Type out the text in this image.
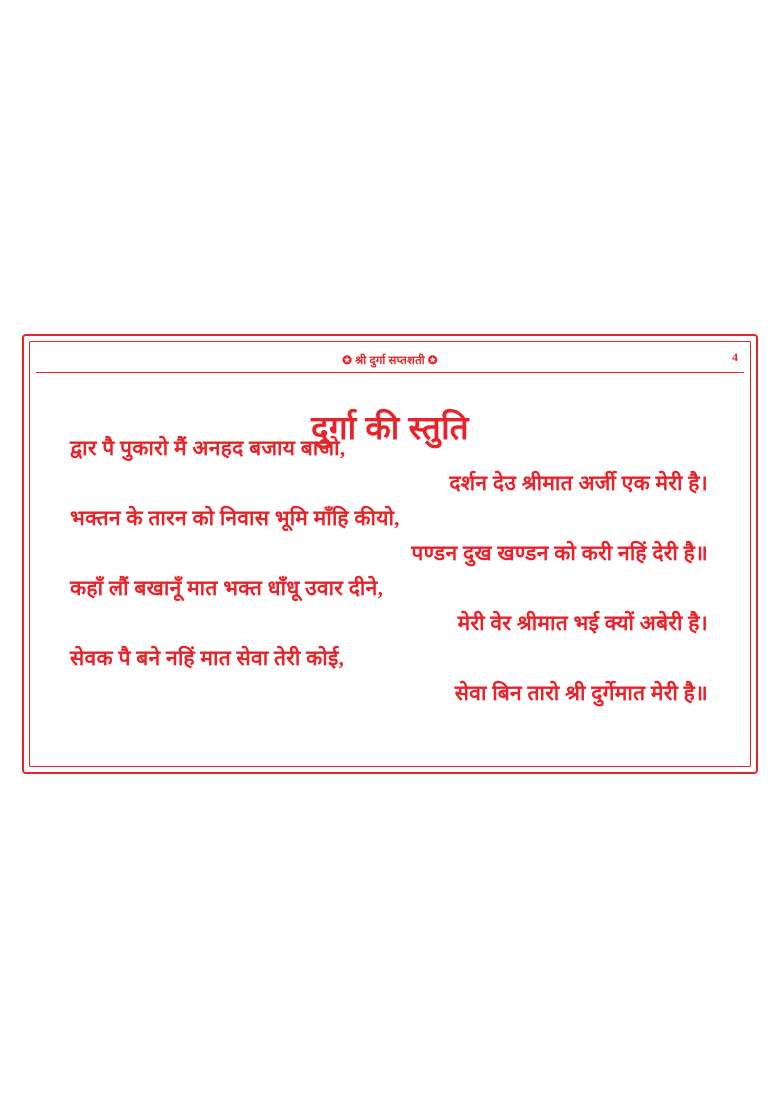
✪ श्री दुर्गा सप्तशती ✪	4
दुर्गा की स्तुति
द्वार पै पुकारो मैं अनहद बजाय बाजो,
दर्शन देउ श्रीमात अर्जी एक मेरी है।
भक्तन के तारन को निवास भूमि माँहि कीयो,
पण्डन दुख खण्डन को करी नहिं देरी है॥
कहाँ लौं बखानूँ मात भक्त धाँधू उवार दीने,
मेरी वेर श्रीमात भई क्यों अबेरी है।
सेवक पै बने नहिं मात सेवा तेरी कोई,
सेवा बिन तारो श्री दुर्गेमात मेरी है॥
